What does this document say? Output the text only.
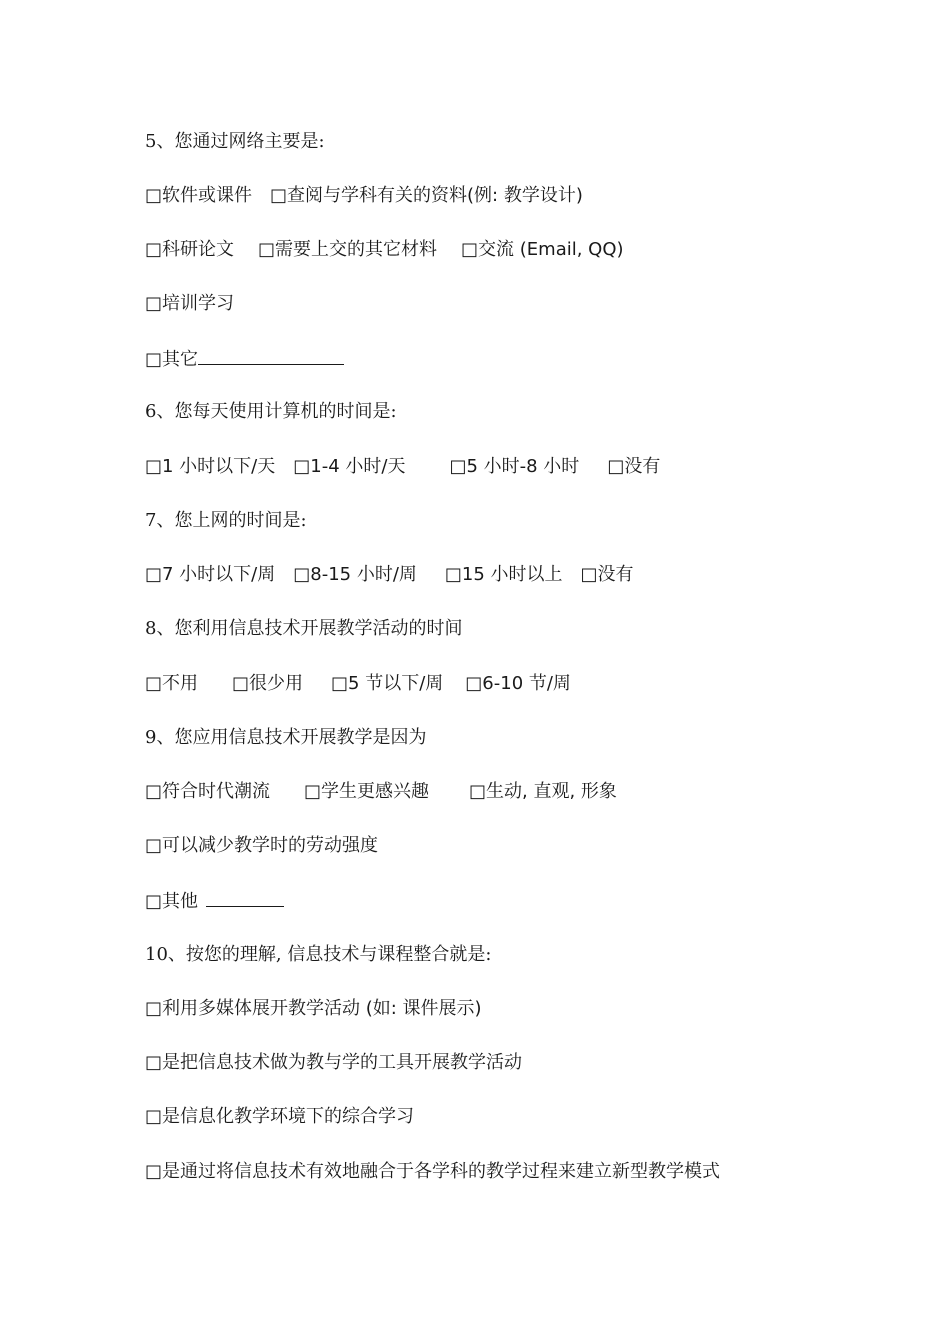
5、您通过网络主要是:
□软件或课件 □查阅与学科有关的资料(例: 教学设计)
□科研论文 □需要上交的其它材料 □交流 (Email, QQ)
□培训学习
□其它
6、您每天使用计算机的时间是:
□1 小时以下/天 □1-4 小时/天 □5 小时-8 小时 □没有
7、您上网的时间是:
□7 小时以下/周 □8-15 小时/周 □15 小时以上 □没有
8、您利用信息技术开展教学活动的时间
□不用 □很少用 □5 节以下/周 □6-10 节/周
9、您应用信息技术开展教学是因为
□符合时代潮流 □学生更感兴趣 □生动, 直观, 形象
□可以减少教学时的劳动强度
□其他
10、按您的理解, 信息技术与课程整合就是:
□利用多媒体展开教学活动 (如: 课件展示)
□是把信息技术做为教与学的工具开展教学活动
□是信息化教学环境下的综合学习
□是通过将信息技术有效地融合于各学科的教学过程来建立新型教学模式
